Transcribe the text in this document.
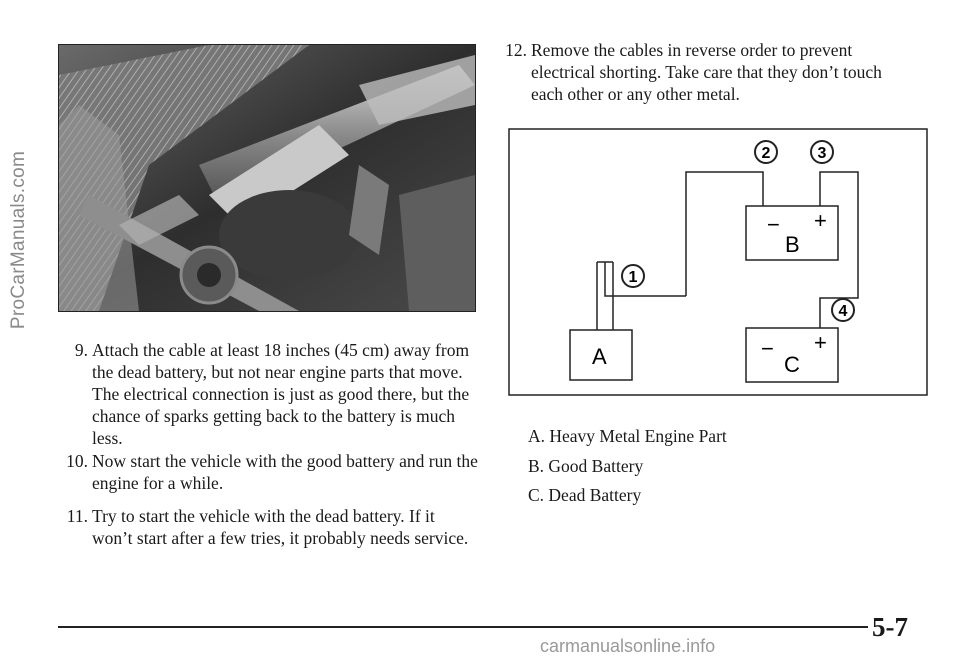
ProCarManuals.com
9. Attach the cable at least 18 inches (45 cm) away from the dead battery, but not near engine parts that move. The electrical connection is just as good there, but the chance of sparks getting back to the battery is much less.
10. Now start the vehicle with the good battery and run the engine for a while.
11. Try to start the vehicle with the dead battery. If it won’t start after a few tries, it probably needs service.
12. Remove the cables in reverse order to prevent electrical shorting. Take care that they don’t touch each other or any other metal.
− +
B
− +
C
A
2	3
1
4
A. Heavy Metal Engine Part
B. Good Battery
C. Dead Battery
5-7
carmanualsonline.info
